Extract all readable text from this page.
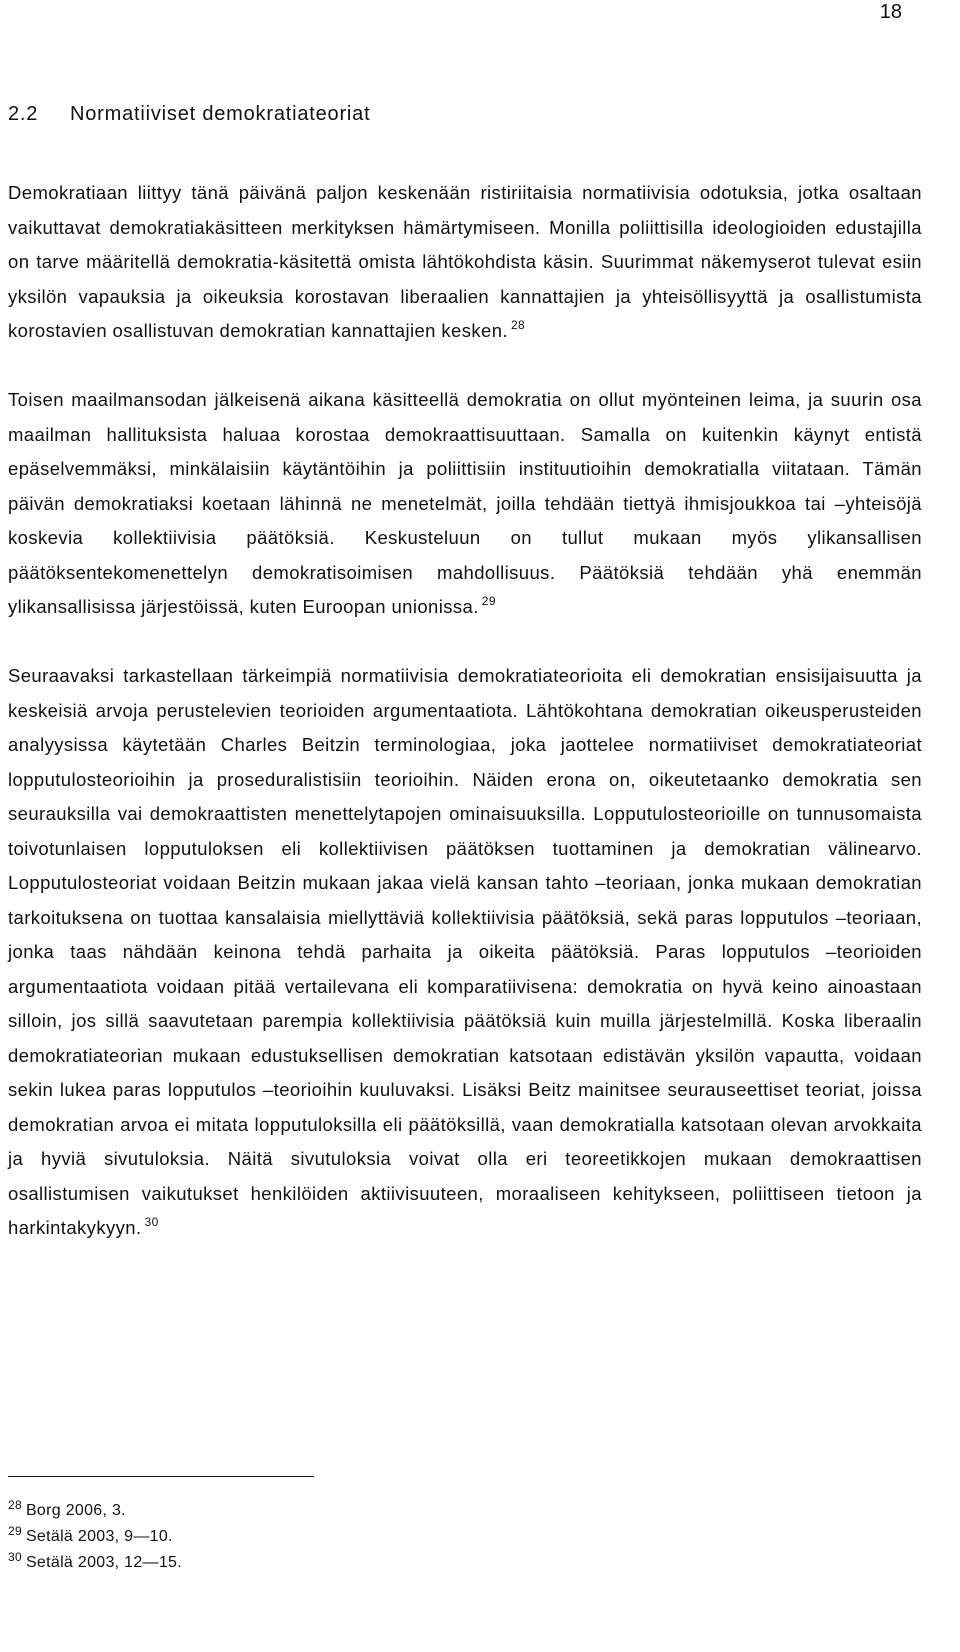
18
2.2 Normatiiviset demokratiateoriat

Demokratiaan liittyy tänä päivänä paljon keskenään ristiriitaisia normatiivisia odotuksia, jotka osaltaan vaikuttavat demokratiakäsitteen merkityksen hämärtymiseen. Monilla poliittisilla ideologioiden edustajilla on tarve määritellä demokratia-käsitettä omista lähtökohdista käsin. Suurimmat näkemyserot tulevat esiin yksilön vapauksia ja oikeuksia korostavan liberaalien kannattajien ja yhteisöllisyyttä ja osallistumista korostavien osallistuvan demokratian kannattajien kesken. $^{28}$

Toisen maailmansodan jälkeisenä aikana käsitteellä demokratia on ollut myönteinen leima, ja suurin osa maailman hallituksista haluaa korostaa demokraattisuuttaan. Samalla on kuitenkin käynyt entistä epäselvemmäksi, minkälaisiin käytäntöihin ja poliittisiin instituutioihin demokratialla viitataan. Tämän päivän demokratiaksi koetaan lähinnä ne menetelmät, joilla tehdään tiettyä ihmisjoukkoa tai –yhteisöjä koskevia kollektiivisia päätöksiä. Keskusteluun on tullut mukaan myös ylikansallisen päätöksentekomenettelyn demokratisoimisen mahdollisuus. Päätöksiä tehdään yhä enemmän ylikansallisissa järjestöissä, kuten Euroopan unionissa. $^{29}$

Seuraavaksi tarkastellaan tärkeimpiä normatiivisia demokratiateorioita eli demokratian ensisijaisuutta ja keskeisiä arvoja perustelevien teorioiden argumentaatiota. Lähtökohtana demokratian oikeusperusteiden analyysissa käytetään Charles Beitzin terminologiaa, joka jaottelee normatiiviset demokratiateoriat lopputulosteorioihin ja proseduralistisiin teorioihin. Näiden erona on, oikeutetaanko demokratia sen seurauksilla vai demokraattisten menettelytapojen ominaisuuksilla. Lopputulosteorioille on tunnusomaista toivotunlaisen lopputuloksen eli kollektiivisen päätöksen tuottaminen ja demokratian välinearvo. Lopputulosteoriat voidaan Beitzin mukaan jakaa vielä kansan tahto –teoriaan, jonka mukaan demokratian tarkoituksena on tuottaa kansalaisia miellyttäviä kollektiivisia päätöksiä, sekä paras lopputulos –teoriaan, jonka taas nähdään keinona tehdä parhaita ja oikeita päätöksiä. Paras lopputulos –teorioiden argumentaatiota voidaan pitää vertailevana eli komparatiivisena: demokratia on hyvä keino ainoastaan silloin, jos sillä saavutetaan parempia kollektiivisia päätöksiä kuin muilla järjestelmillä. Koska liberaalin demokratiateorian mukaan edustuksellisen demokratian katsotaan edistävän yksilön vapautta, voidaan sekin lukea paras lopputulos –teorioihin kuuluvaksi. Lisäksi Beitz mainitsee seurauseettiset teoriat, joissa demokratian arvoa ei mitata lopputuloksilla eli päätöksillä, vaan demokratialla katsotaan olevan arvokkaita ja hyviä sivutuloksia. Näitä sivutuloksia voivat olla eri teoreetikkojen mukaan demokraattisen osallistumisen vaikutukset henkilöiden aktiivisuuteen, moraaliseen kehitykseen, poliittiseen tietoon ja harkintakykyyn. $^{30}$

$^{28}$ Borg 2006, 3.

$^{29}$ Setälä 2003, 9—10.

$^{30}$ Setälä 2003, 12—15.
